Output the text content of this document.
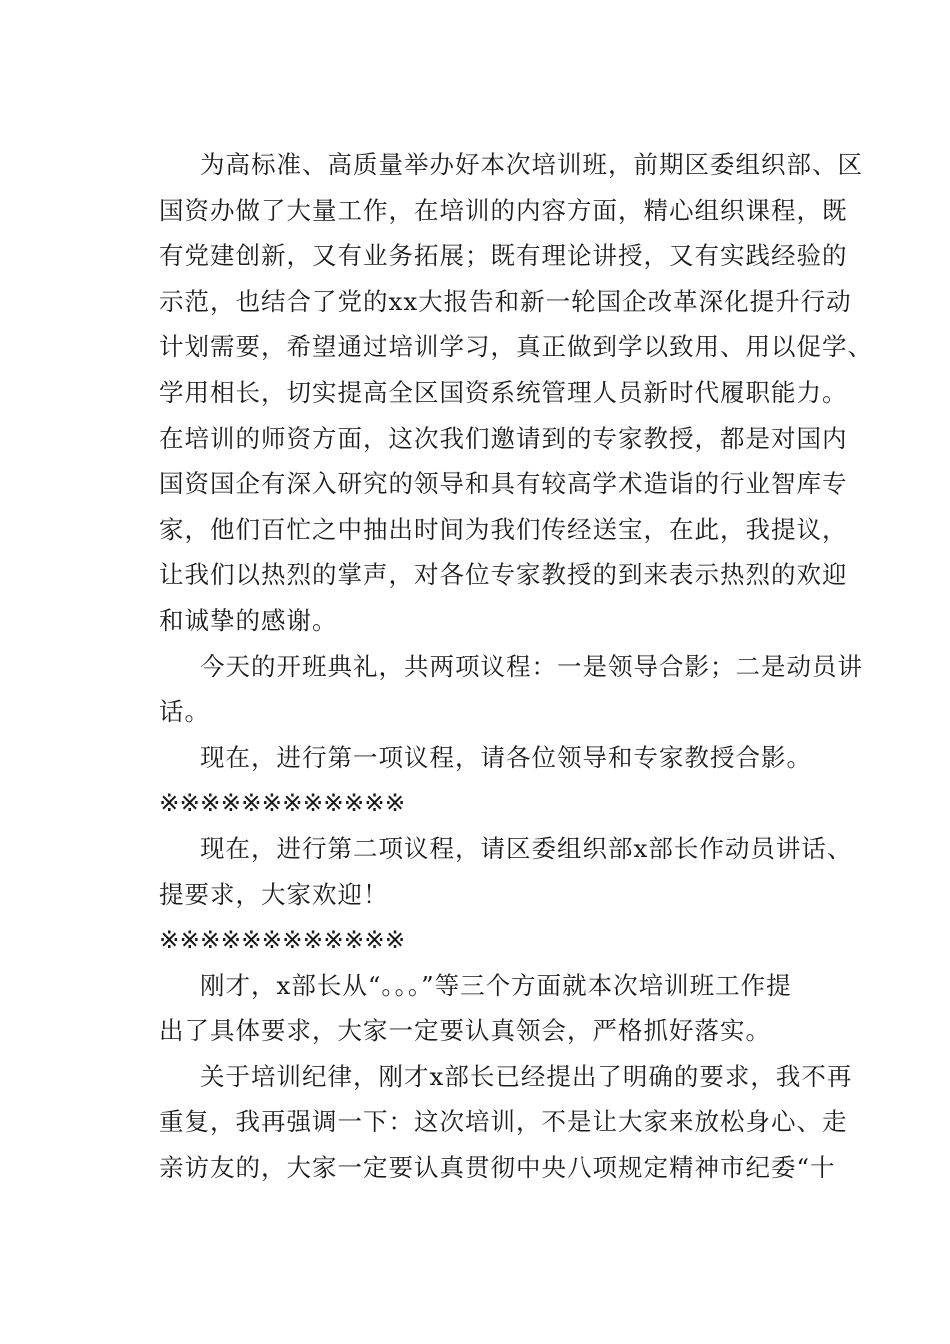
为高标准、高质量举办好本次培训班，前期区委组织部、区
国资办做了大量工作，在培训的内容方面，精心组织课程，既
有党建创新，又有业务拓展；既有理论讲授，又有实践经验的
示范，也结合了党的xx大报告和新一轮国企改革深化提升行动
计划需要，希望通过培训学习，真正做到学以致用、用以促学、
学用相长，切实提高全区国资系统管理人员新时代履职能力。
在培训的师资方面，这次我们邀请到的专家教授，都是对国内
国资国企有深入研究的领导和具有较高学术造诣的行业智库专
家，他们百忙之中抽出时间为我们传经送宝，在此，我提议，
让我们以热烈的掌声，对各位专家教授的到来表示热烈的欢迎
和诚挚的感谢。
今天的开班典礼，共两项议程：一是领导合影；二是动员讲
话。
现在，进行第一项议程，请各位领导和专家教授合影。
※※※※※※※※※※※※
现在，进行第二项议程，请区委组织部x部长作动员讲话、
提要求，大家欢迎！
※※※※※※※※※※※※
刚才，x部长从“。。。”等三个方面就本次培训班工作提
出了具体要求，大家一定要认真领会，严格抓好落实。
关于培训纪律，刚才x部长已经提出了明确的要求，我不再
重复，我再强调一下：这次培训，不是让大家来放松身心、走
亲访友的，大家一定要认真贯彻中央八项规定精神市纪委“十
